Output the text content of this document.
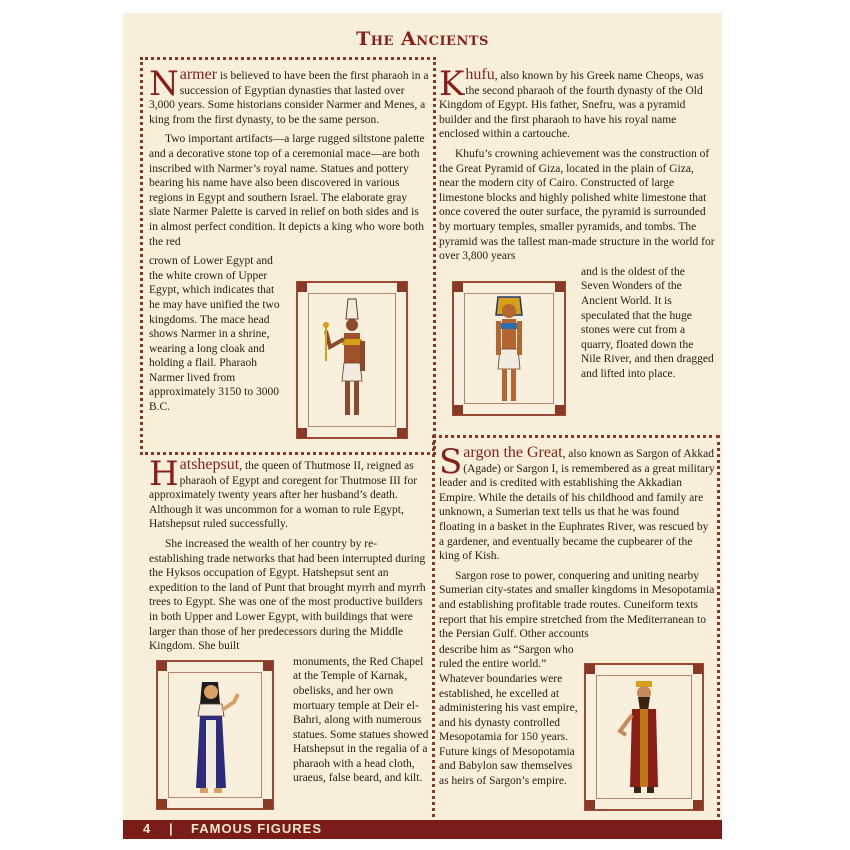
The Ancients

Narmer is believed to have been the first pharaoh in a succession of Egyptian dynasties that lasted over 3,000 years. Some historians consider Narmer and Menes, a king from the first dynasty, to be the same person.

Two important artifacts—a large rugged siltstone palette and a decorative stone top of a ceremonial mace—are both inscribed with Narmer’s royal name. Statues and pottery bearing his name have also been discovered in various regions in Egypt and southern Israel. The elaborate gray slate Narmer Palette is carved in relief on both sides and is in almost perfect condition. It depicts a king who wore both the red

crown of Lower Egypt and the white crown of Upper Egypt, which indicates that he may have unified the two kingdoms. The mace head shows Narmer in a shrine, wearing a long cloak and holding a flail. Pharaoh Narmer lived from approximately 3150 to 3000 B.C.

Khufu, also known by his Greek name Cheops, was the second pharaoh of the fourth dynasty of the Old Kingdom of Egypt. His father, Snefru, was a pyramid builder and the first pharaoh to have his royal name enclosed within a cartouche.

Khufu’s crowning achievement was the construction of the Great Pyramid of Giza, located in the plain of Giza, near the modern city of Cairo. Constructed of large limestone blocks and highly polished white limestone that once covered the outer surface, the pyramid is surrounded by mortuary temples, smaller pyramids, and tombs. The pyramid was the tallest man-made structure in the world for over 3,800 years

and is the oldest of the Seven Wonders of the Ancient World. It is speculated that the huge stones were cut from a quarry, floated down the Nile River, and then dragged and lifted into place.

Hatshepsut, the queen of Thutmose II, reigned as pharaoh of Egypt and coregent for Thutmose III for approximately twenty years after her husband’s death. Although it was uncommon for a woman to rule Egypt, Hatshepsut ruled successfully.

She increased the wealth of her country by re-establishing trade networks that had been interrupted during the Hyksos occupation of Egypt. Hatshepsut sent an expedition to the land of Punt that brought myrrh and myrrh trees to Egypt. She was one of the most productive builders in both Upper and Lower Egypt, with buildings that were larger than those of her predecessors during the Middle Kingdom. She built

monuments, the Red Chapel at the Temple of Karnak, obelisks, and her own mortuary temple at Deir el-Bahri, along with numerous statues. Some statues showed Hatshepsut in the regalia of a pharaoh with a head cloth, uraeus, false beard, and kilt.

S argon the Great, also known as Sargon of Akkad (Agade) or Sargon I, is remembered as a great military leader and is credited with establishing the Akkadian Empire. While the details of his childhood and family are unknown, a Sumerian text tells us that he was found floating in a basket in the Euphrates River, was rescued by a gardener, and eventually became the cupbearer of the king of Kish.

Sargon rose to power, conquering and uniting nearby Sumerian city-states and smaller kingdoms in Mesopotamia and establishing profitable trade routes. Cuneiform texts report that his empire stretched from the Mediterranean to the Persian Gulf. Other accounts

describe him as “Sargon who ruled the entire world.” Whatever boundaries were established, he excelled at administering his vast empire, and his dynasty controlled Mesopotamia for 150 years. Future kings of Mesopotamia and Babylon saw themselves as heirs of Sargon’s empire.

4 | FAMOUS FIGURES
